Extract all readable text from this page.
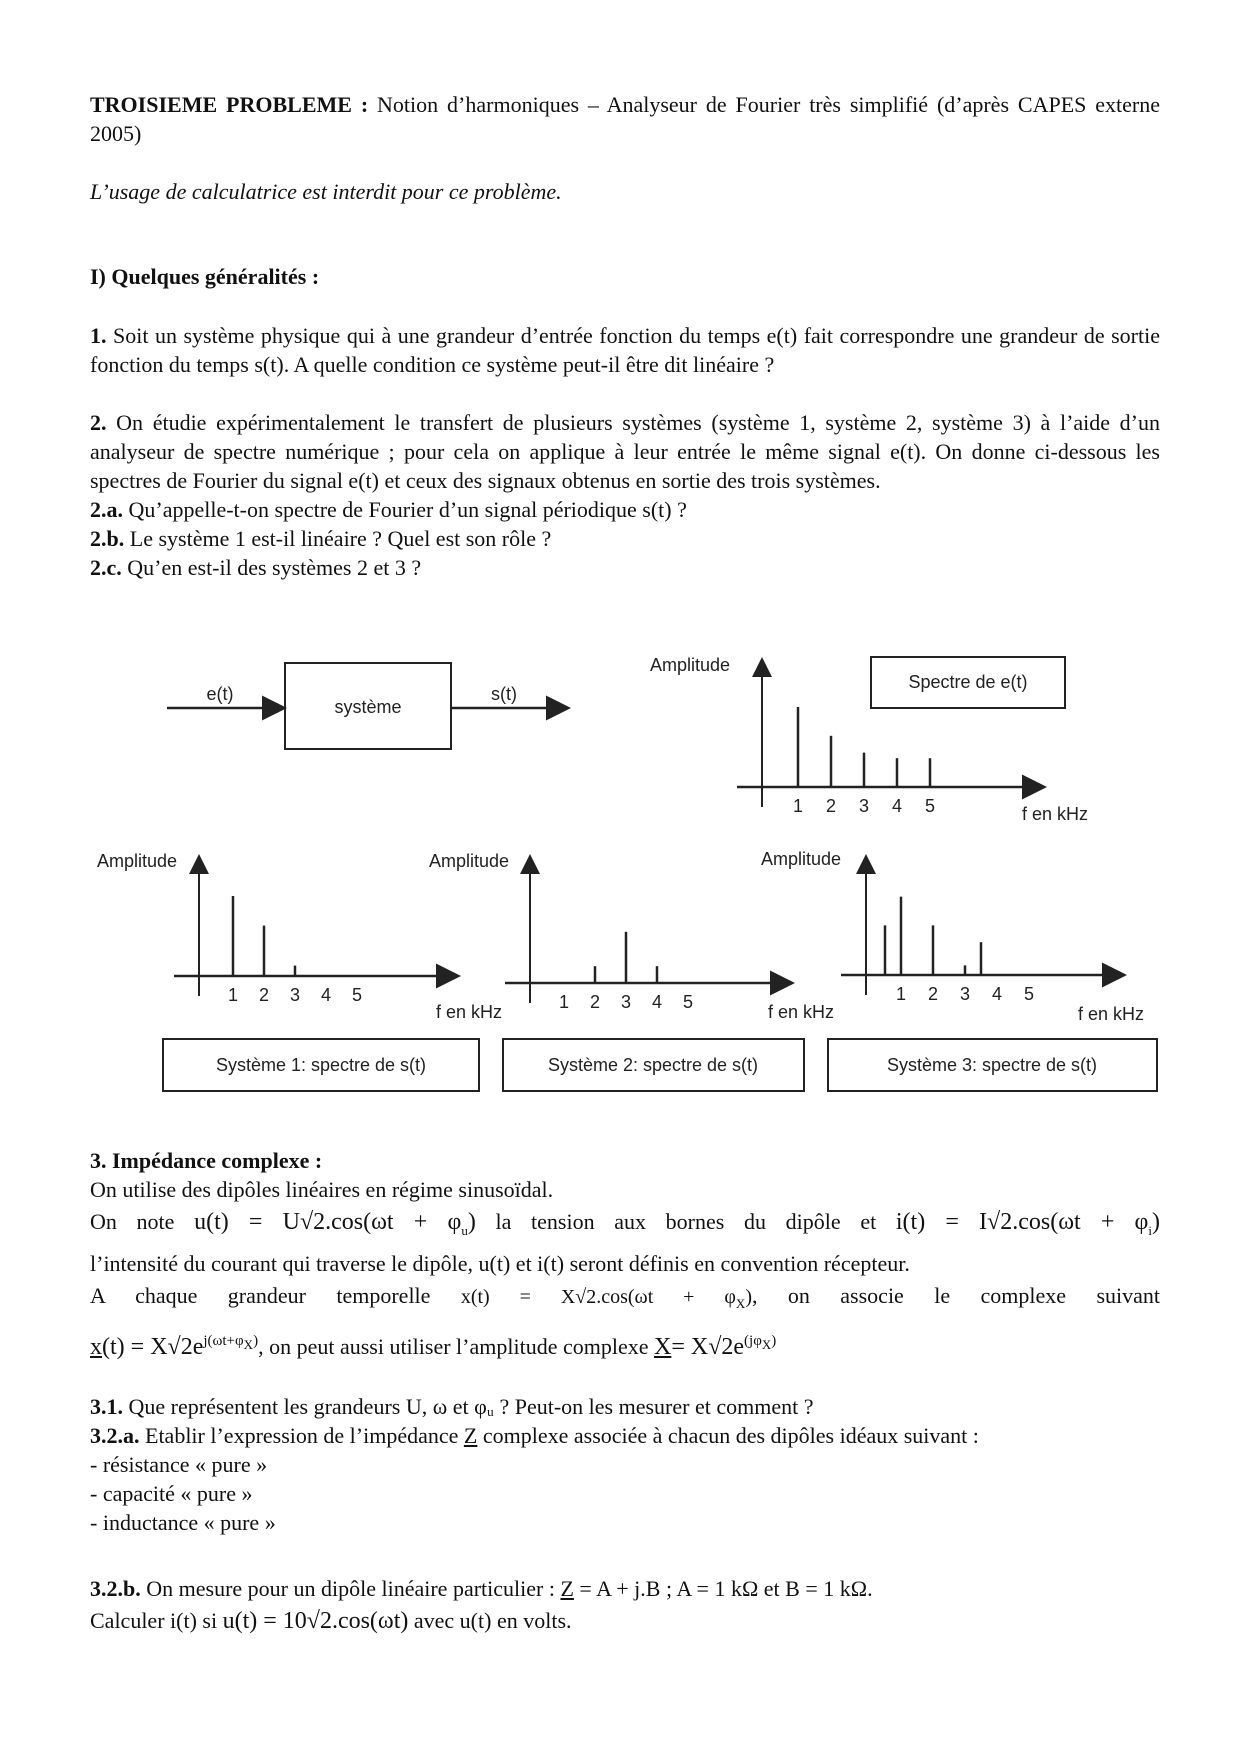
TROISIEME PROBLEME : Notion d’harmoniques – Analyseur de Fourier très simplifié (d’après CAPES externe 2005)

L’usage de calculatrice est interdit pour ce problème.
I) Quelques généralités :

1. Soit un système physique qui à une grandeur d’entrée fonction du temps e(t) fait correspondre une grandeur de sortie fonction du temps s(t). A quelle condition ce système peut-il être dit linéaire ?

2. On étudie expérimentalement le transfert de plusieurs systèmes (système 1, système 2, système 3) à l’aide d’un analyseur de spectre numérique ; pour cela on applique à leur entrée le même signal e(t). On donne ci-dessous les spectres de Fourier du signal e(t) et ceux des signaux obtenus en sortie des trois systèmes.

2.a. Qu’appelle-t-on spectre de Fourier d’un signal périodique s(t) ?

2.b. Le système 1 est-il linéaire ? Quel est son rôle ?

2.c. Qu’en est-il des systèmes 2 et 3 ?

système
e(t)	s(t)
1 2 3 4 5
Amplitude
f en kHz
Spectre de e(t)
1 2 3 4 5
Amplitude
f en kHz
Système 1: spectre de s(t)
1 2 3 4 5
Amplitude
f en kHz
Système 2: spectre de s(t)
1 2 3 4 5
Amplitude
f en kHz
Système 3: spectre de s(t)

3. Impédance complexe :

On utilise des dipôles linéaires en régime sinusoïdal.

On note $u(t) = U√2.\cos(\omega t + \varphi_u)$ la tension aux bornes du dipôle et $i(t) = I√2.\cos(\omega t + \varphi_i)$

l’intensité du courant qui traverse le dipôle, u(t) et i(t) seront définis en convention récepteur.

A chaque grandeur temporelle $x(t) = X√2.\cos(\omega t + \varphi_X)$, on associe le complexe suivant

$x(t) = X√2e^{j(\omega t+\varphi_X)}$, on peut aussi utiliser l’amplitude complexe $X= X√2e^{(j\varphi_X)}$

3.1. Que représentent les grandeurs U, ω et φᵤ ? Peut-on les mesurer et comment ?

3.2.a. Etablir l’expression de l’impédance Z complexe associée à chacun des dipôles idéaux suivant :

- résistance « pure »

- capacité « pure »

- inductance « pure »

3.2.b. On mesure pour un dipôle linéaire particulier : Z = A + j.B ; A = 1 kΩ et B = 1 kΩ.

Calculer i(t) si u(t) = 10√2.cos(ωt) avec u(t) en volts.
